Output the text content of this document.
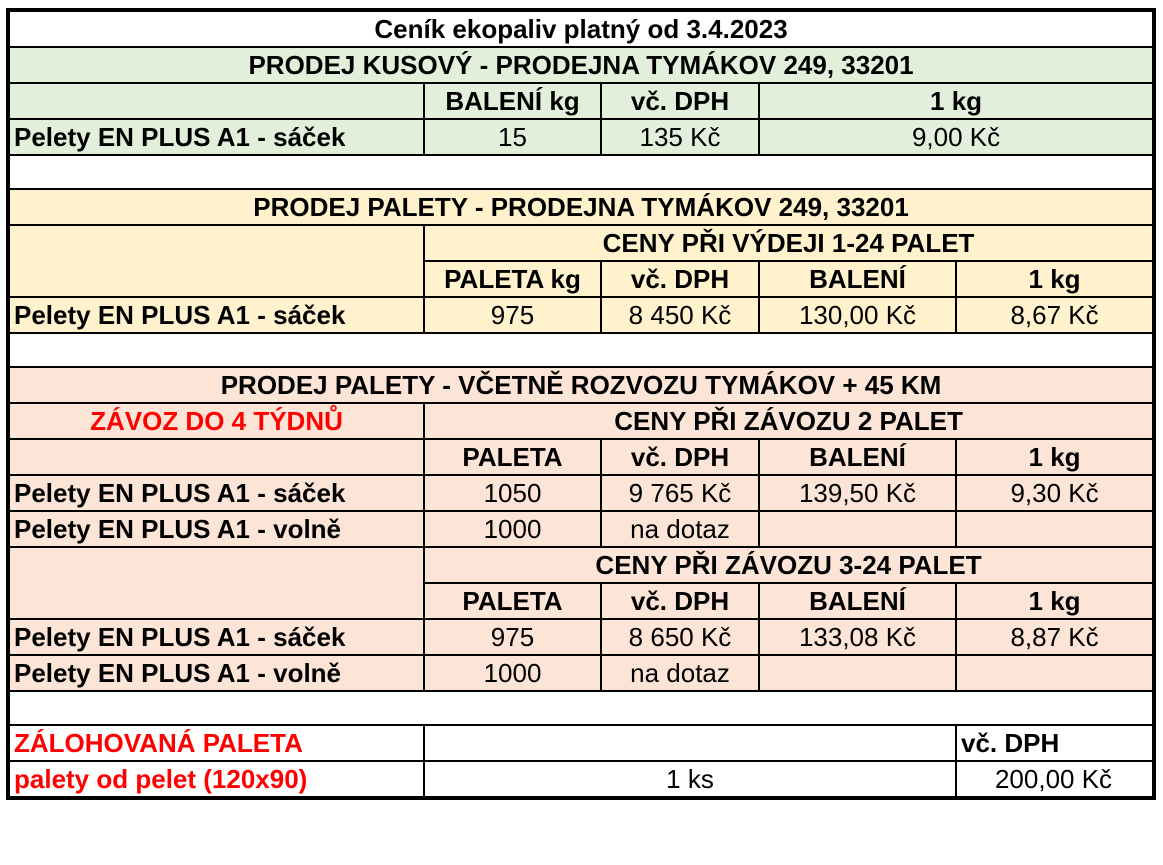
Ceník ekopaliv platný od 3.4.2023				
PRODEJ KUSOVÝ - PRODEJNA TYMÁKOV 249, 33201				
	BALENÍ kg	vč. DPH	1 kg	
Pelety EN PLUS A1 - sáček	15	135 Kč	9,00 Kč	

PRODEJ PALETY - PRODEJNA TYMÁKOV 249, 33201				
	CENY PŘI VÝDEJI 1-24 PALET			
	PALETA kg	vč. DPH	BALENÍ	1 kg
Pelety EN PLUS A1 - sáček	975	8 450 Kč	130,00 Kč	8,67 Kč

PRODEJ PALETY - VČETNĚ ROZVOZU TYMÁKOV + 45 KM				
ZÁVOZ DO 4 TÝDNŮ	CENY PŘI ZÁVOZU 2 PALET			
	PALETA	vč. DPH	BALENÍ	1 kg
Pelety EN PLUS A1 - sáček	1050	9 765 Kč	139,50 Kč	9,30 Kč
Pelety EN PLUS A1 - volně	1000	na dotaz		
	CENY PŘI ZÁVOZU 3-24 PALET			
	PALETA	vč. DPH	BALENÍ	1 kg
Pelety EN PLUS A1 - sáček	975	8 650 Kč	133,08 Kč	8,87 Kč
Pelety EN PLUS A1 - volně	1000	na dotaz		

ZÁLOHOVANÁ PALETA				vč. DPH
palety od pelet (120x90)	1 ks			200,00 Kč
